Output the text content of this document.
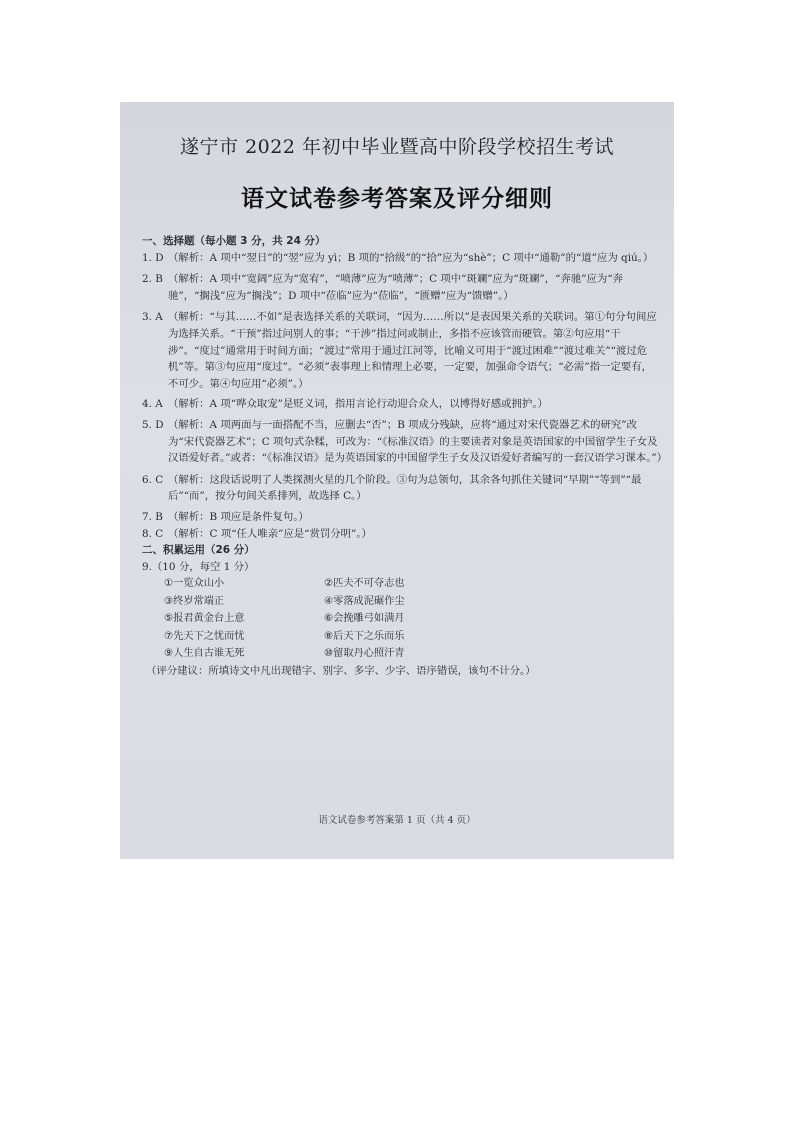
遂宁市 2022 年初中毕业暨高中阶段学校招生考试
语文试卷参考答案及评分细则
一、选择题（每小题 3 分，共 24 分）
1. D （解析：A 项中“翌日”的“翌”应为 yì；B 项的“拾级”的“拾”应为“shè”；C 项中“通勒”的“道”应为 qiú。）
2. B （解析：A 项中“宽阔”应为“宽宥”，“喷薄”应为“喷薄”；C 项中“斑斓”应为“斑斓”，“奔驰”应为“奔驰”，“搁浅”应为“搁浅”；D 项中“莅临”应为“莅临”，“匮赠”应为“馈赠”。）
3. A （解析：“与其……不如”是表选择关系的关联词，“因为……所以”是表因果关系的关联词。第①句分句间应为选择关系。“干预”指过问别人的事；“干涉”指过问或制止，多指不应该管而硬管。第②句应用“干涉”。“度过”通常用于时间方面；“渡过”常用于通过江河等，比喻义可用于“渡过困难”“渡过难关”“渡过危机”等。第③句应用“度过”。“必须”表事理上和情理上必要，一定要，加强命令语气；“必需”指一定要有，不可少。第④句应用“必须”。）
4. A （解析：A 项“哗众取宠”是贬义词，指用言论行动迎合众人，以博得好感或拥护。）
5. D （解析：A 项两面与一面搭配不当，应删去“否”；B 项成分残缺，应将“通过对宋代瓷器艺术的研究”改为“宋代瓷器艺术”；C 项句式杂糅，可改为：“《标准汉语》的主要读者对象是英语国家的中国留学生子女及汉语爱好者。”或者：“《标准汉语》是为英语国家的中国留学生子女及汉语爱好者编写的一套汉语学习课本。”）
6. C （解析：这段话说明了人类探测火星的几个阶段。③句为总领句，其余各句抓住关键词“早期”“等到”“最后”“而”，按分句间关系排列，故选择 C。）
7. B （解析：B 项应是条件复句。）
8. C （解析：C 项“任人唯亲”应是“赏罚分明”。）
二、积累运用（26 分）
9.（10 分，每空 1 分）
①一览众山小	②匹夫不可夺志也
③终岁常端正	④零落成泥碾作尘
⑤报君黄金台上意	⑥会挽雕弓如满月
⑦先天下之忧而忧	⑧后天下之乐而乐
⑨人生自古谁无死	⑩留取丹心照汗青
（评分建议：所填诗文中凡出现错字、别字、多字、少字、语序错误，该句不计分。）
语文试卷参考答案第 1 页（共 4 页）
